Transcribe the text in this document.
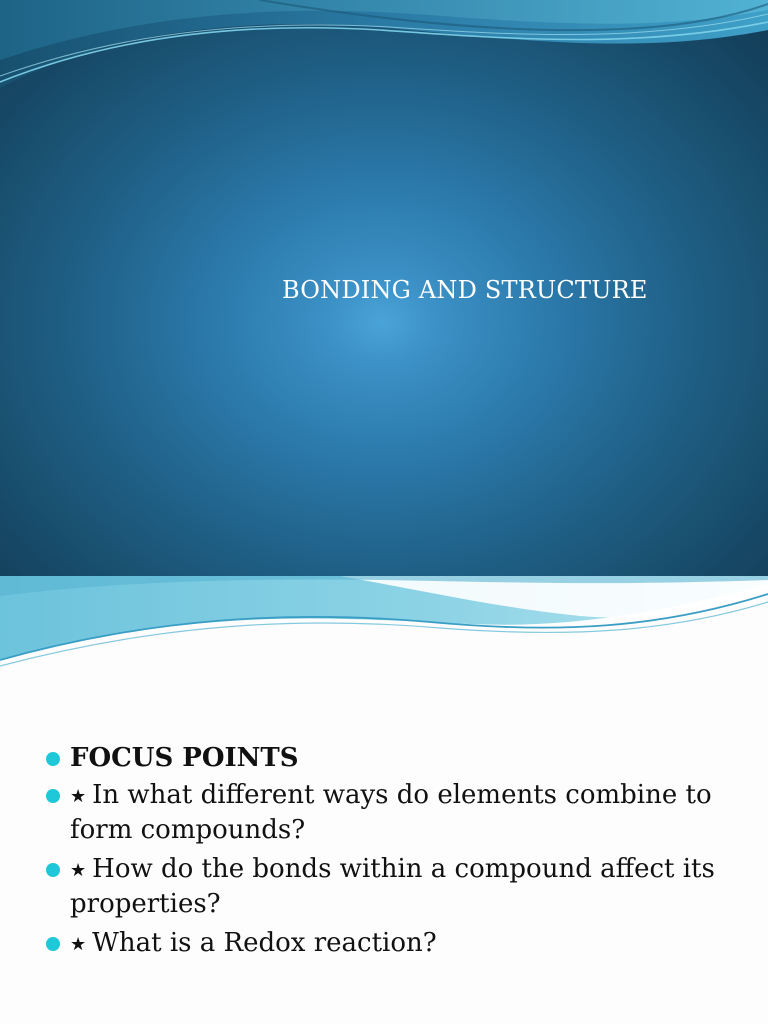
BONDING AND STRUCTURE
FOCUS POINTS
★ In what different ways do elements combine to form compounds?
★ How do the bonds within a compound affect its properties?
★ What is a Redox reaction?
